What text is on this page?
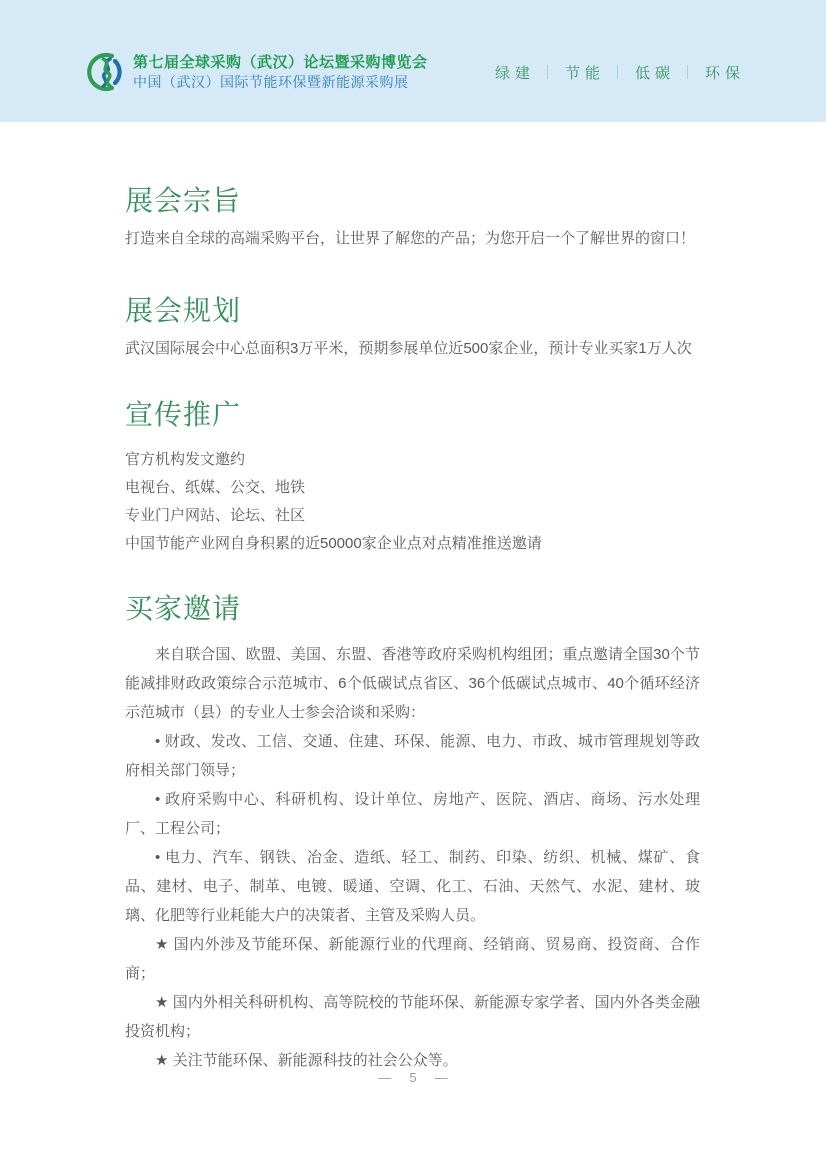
第七届全球采购（武汉）论坛暨采购博览会
中国（武汉）国际节能环保暨新能源采购展	绿建 节能 低碳 环保
展会宗旨

打造来自全球的高端采购平台，让世界了解您的产品；为您开启一个了解世界的窗口！

展会规划

武汉国际展会中心总面积3万平米，预期参展单位近500家企业，预计专业买家1万人次

宣传推广

官方机构发文邀约

电视台、纸媒、公交、地铁

专业门户网站、论坛、社区

中国节能产业网自身积累的近50000家企业点对点精准推送邀请

买家邀请

来自联合国、欧盟、美国、东盟、香港等政府采购机构组团；重点邀请全国30个节能减排财政政策综合示范城市、6个低碳试点省区、36个低碳试点城市、40个循环经济示范城市（县）的专业人士参会洽谈和采购：

• 财政、发改、工信、交通、住建、环保、能源、电力、市政、城市管理规划等政府相关部门领导；

• 政府采购中心、科研机构、设计单位、房地产、医院、酒店、商场、污水处理厂、工程公司；

• 电力、汽车、钢铁、冶金、造纸、轻工、制药、印染、纺织、机械、煤矿、食品、建材、电子、制革、电镀、暖通、空调、化工、石油、天然气、水泥、建材、玻璃、化肥等行业耗能大户的决策者、主管及采购人员。

★ 国内外涉及节能环保、新能源行业的代理商、经销商、贸易商、投资商、合作商；

★ 国内外相关科研机构、高等院校的节能环保、新能源专家学者、国内外各类金融投资机构；

★ 关注节能环保、新能源科技的社会公众等。

— 5 —
